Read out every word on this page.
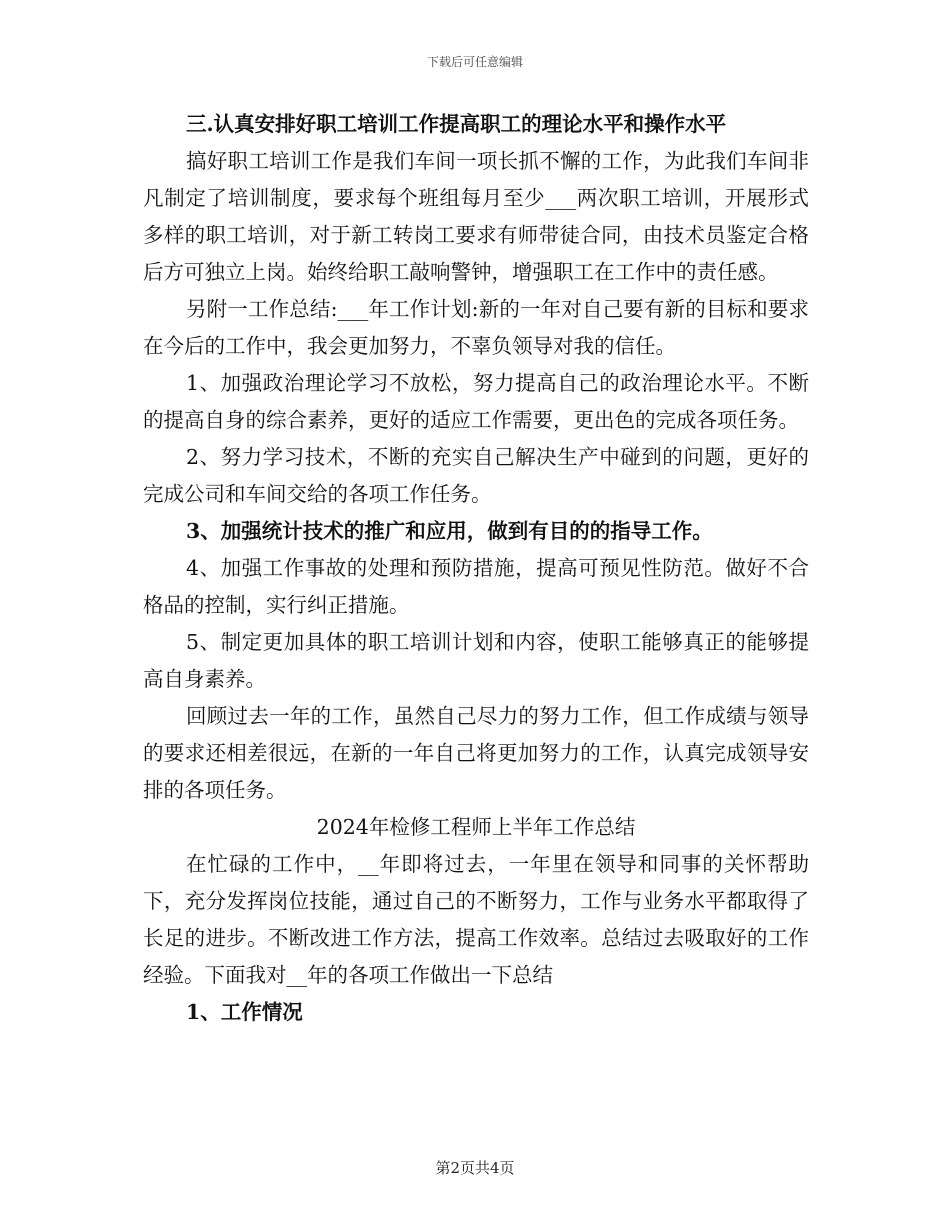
下载后可任意编辑

三.认真安排好职工培训工作提高职工的理论水平和操作水平

搞好职工培训工作是我们车间一项长抓不懈的工作，为此我们车间非凡制定了培训制度，要求每个班组每月至少___两次职工培训，开展形式多样的职工培训，对于新工转岗工要求有师带徒合同，由技术员鉴定合格后方可独立上岗。始终给职工敲响警钟，增强职工在工作中的责任感。

另附一工作总结:___年工作计划:新的一年对自己要有新的目标和要求在今后的工作中，我会更加努力，不辜负领导对我的信任。

1、加强政治理论学习不放松，努力提高自己的政治理论水平。不断的提高自身的综合素养，更好的适应工作需要，更出色的完成各项任务。

2、努力学习技术，不断的充实自己解决生产中碰到的问题，更好的完成公司和车间交给的各项工作任务。

3、加强统计技术的推广和应用，做到有目的的指导工作。

4、加强工作事故的处理和预防措施，提高可预见性防范。做好不合格品的控制，实行纠正措施。

5、制定更加具体的职工培训计划和内容，使职工能够真正的能够提高自身素养。

回顾过去一年的工作，虽然自己尽力的努力工作，但工作成绩与领导的要求还相差很远，在新的一年自己将更加努力的工作，认真完成领导安排的各项任务。

2024年检修工程师上半年工作总结

在忙碌的工作中，__年即将过去，一年里在领导和同事的关怀帮助下，充分发挥岗位技能，通过自己的不断努力，工作与业务水平都取得了长足的进步。不断改进工作方法，提高工作效率。总结过去吸取好的工作经验。下面我对__年的各项工作做出一下总结

1、工作情况

第2页共4页
